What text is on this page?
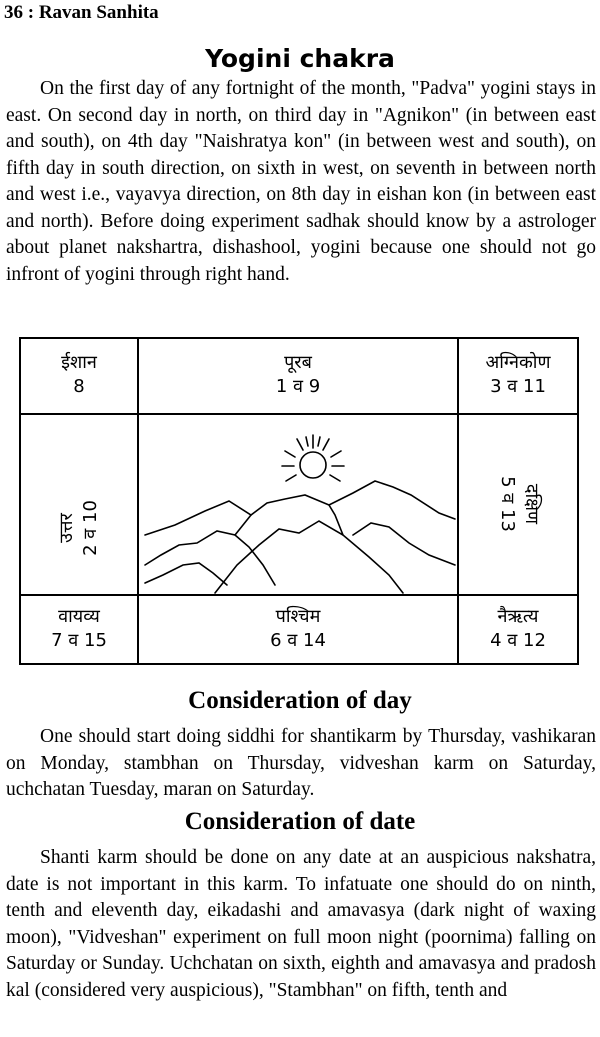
36 : Ravan Sanhita
Yogini chakra
On the first day of any fortnight of the month, "Padva" yogini stays in east. On second day in north, on third day in "Agnikon" (in between east and south), on 4th day "Naishratya kon" (in between west and south), on fifth day in south direction, on sixth in west, on seventh in between north and west i.e., vayavya direction, on 8th day in eishan kon (in between east and north). Before doing experiment sadhak should know by a astrologer about planet nakshartra, dishashool, yogini because one should not go infront of yogini through right hand.
ईशान
8
पूरब
1 व 9
अग्निकोण
3 व 11
उत्तर 2 व 10	दक्षिण
5 व 13
वायव्य
7 व 15
पश्चिम
6 व 14
नैऋत्य
4 व 12
Consideration of day
One should start doing siddhi for shantikarm by Thursday, vashikaran on Monday, stambhan on Thursday, vidveshan karm on Saturday, uchchatan Tuesday, maran on Saturday.
Consideration of date
Shanti karm should be done on any date at an auspicious nakshatra, date is not important in this karm. To infatuate one should do on ninth, tenth and eleventh day, eikadashi and amavasya (dark night of waxing moon), "Vidveshan" experiment on full moon night (poornima) falling on Saturday or Sunday. Uchchatan on sixth, eighth and amavasya and pradosh kal (considered very auspicious), "Stambhan" on fifth, tenth and
